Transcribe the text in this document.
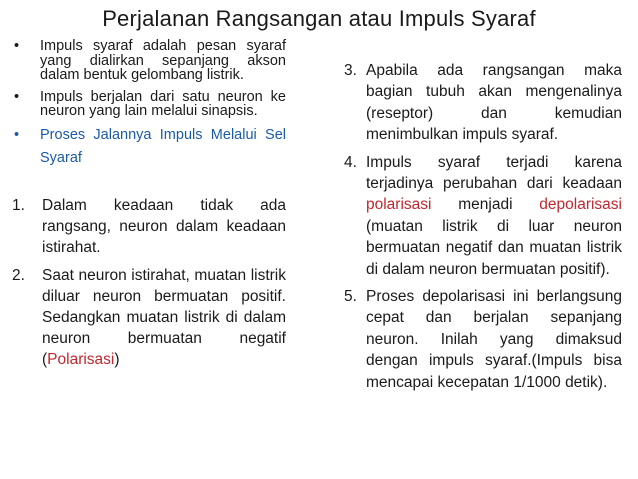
Perjalanan Rangsangan atau Impuls Syaraf
• Impuls syaraf adalah pesan syaraf yang dialirkan sepanjang akson dalam bentuk gelombang listrik.
• Impuls berjalan dari satu neuron ke neuron yang lain melalui sinapsis.
• Proses Jalannya Impuls Melalui Sel Syaraf
1. Dalam keadaan tidak ada rangsang, neuron dalam keadaan istirahat.
2. Saat neuron istirahat, muatan listrik diluar neuron bermuatan positif. Sedangkan muatan listrik di dalam neuron bermuatan negatif (Polarisasi)
3. Apabila ada rangsangan maka bagian tubuh akan mengenalinya (reseptor) dan kemudian menimbulkan impuls syaraf.
4. Impuls syaraf terjadi karena terjadinya perubahan dari keadaan polarisasi menjadi depolarisasi (muatan listrik di luar neuron bermuatan negatif dan muatan listrik di dalam neuron bermuatan positif).
5. Proses depolarisasi ini berlangsung cepat dan berjalan sepanjang neuron. Inilah yang dimaksud dengan impuls syaraf.(Impuls bisa mencapai kecepatan 1/1000 detik).
